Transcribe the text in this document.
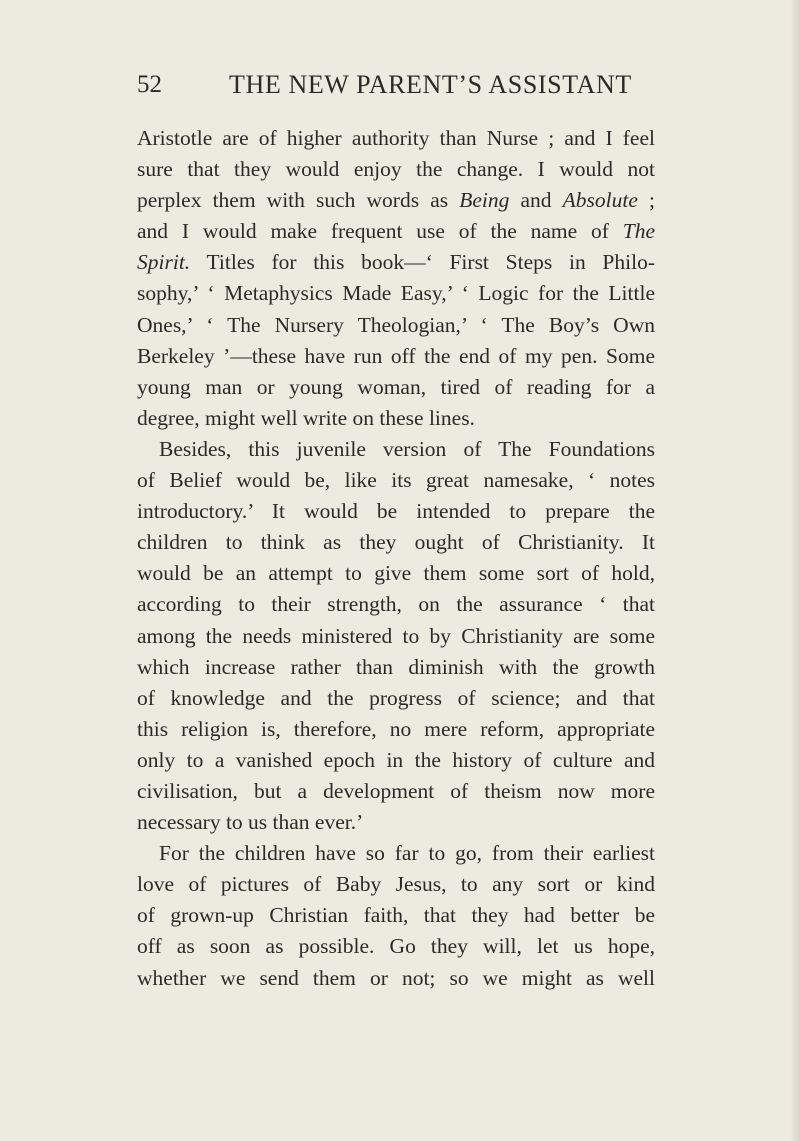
52	THE NEW PARENT’S ASSISTANT
Aristotle are of higher authority than Nurse ; and I feel
sure that they would enjoy the change. I would not
perplex them with such words as Being and Absolute ;
and I would make frequent use of the name of The
Spirit. Titles for this book—‘ First Steps in Philo-
sophy,’ ‘ Metaphysics Made Easy,’ ‘ Logic for the Little
Ones,’ ‘ The Nursery Theologian,’ ‘ The Boy’s Own
Berkeley ’—these have run off the end of my pen. Some
young man or young woman, tired of reading for a
degree, might well write on these lines.
Besides, this juvenile version of The Foundations
of Belief would be, like its great namesake, ‘ notes
introductory.’ It would be intended to prepare the
children to think as they ought of Christianity. It
would be an attempt to give them some sort of hold,
according to their strength, on the assurance ‘ that
among the needs ministered to by Christianity are some
which increase rather than diminish with the growth
of knowledge and the progress of science; and that
this religion is, therefore, no mere reform, appropriate
only to a vanished epoch in the history of culture and
civilisation, but a development of theism now more
necessary to us than ever.’
For the children have so far to go, from their earliest
love of pictures of Baby Jesus, to any sort or kind
of grown-up Christian faith, that they had better be
off as soon as possible. Go they will, let us hope,
whether we send them or not; so we might as well
